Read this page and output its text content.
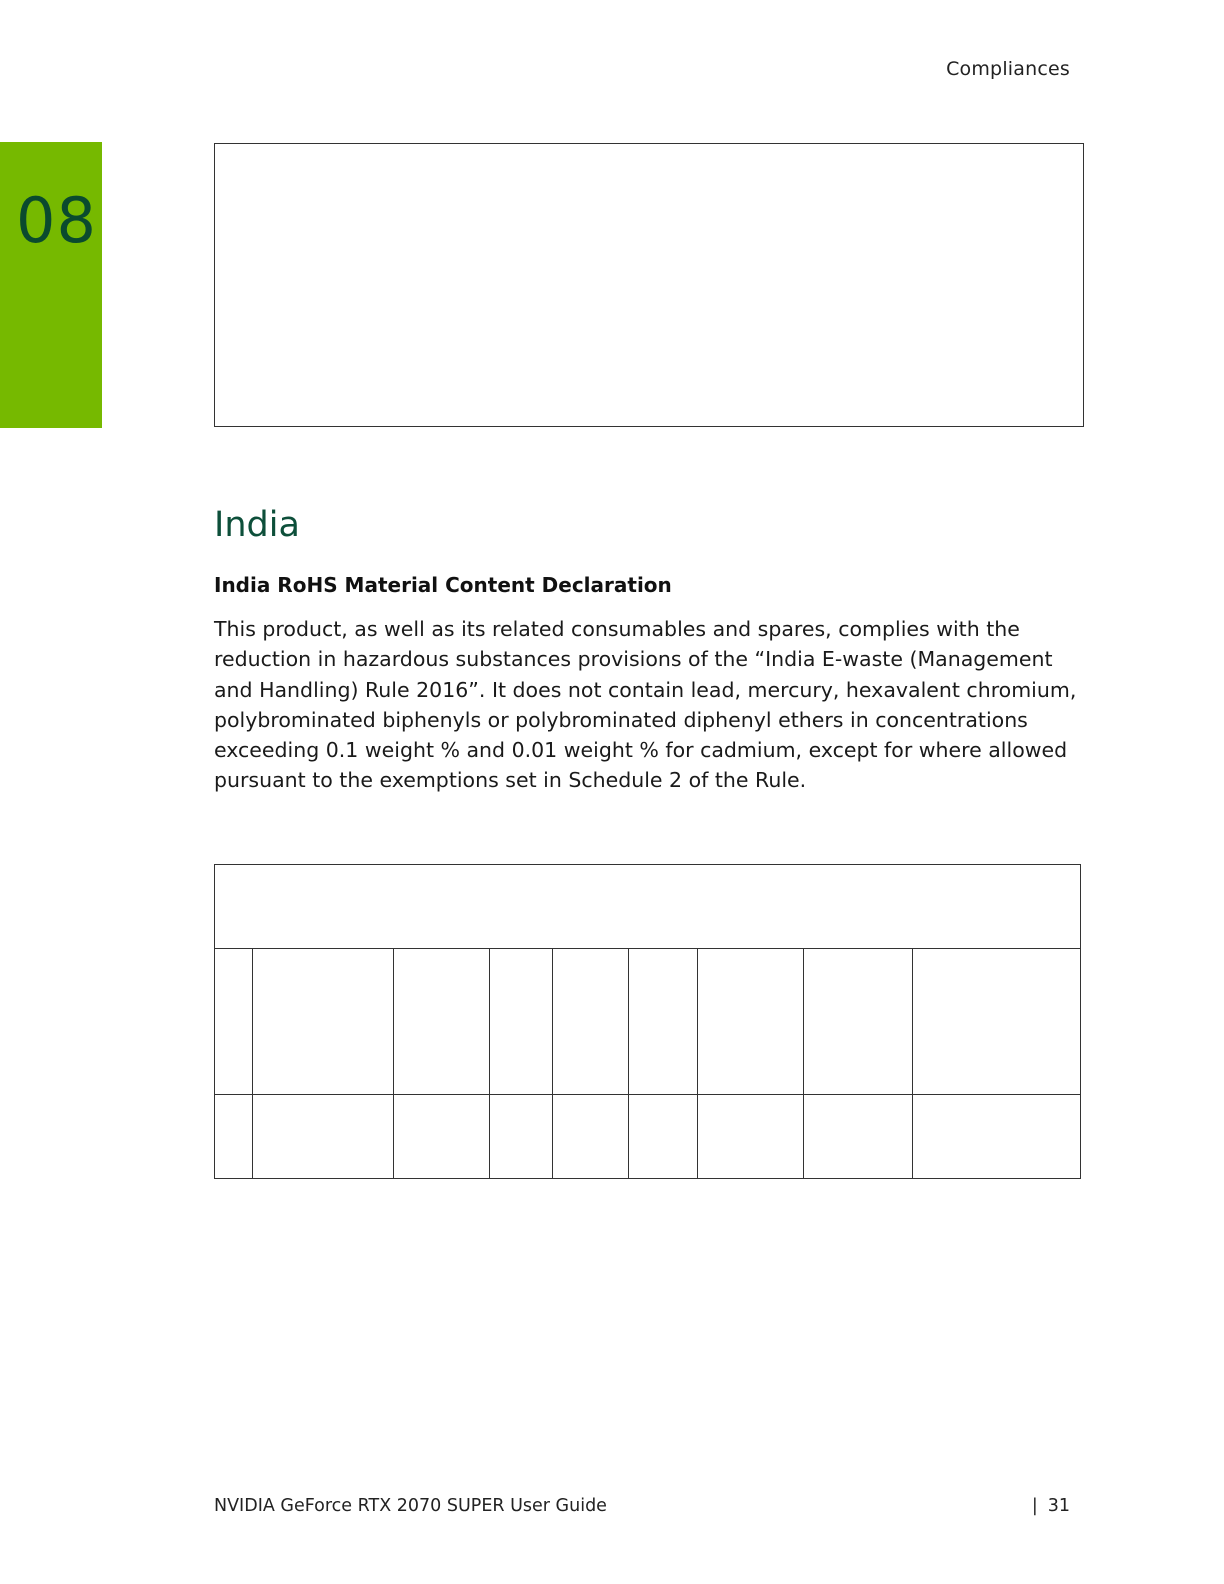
Compliances
08
India
India RoHS Material Content Declaration

This product, as well as its related consumables and spares, complies with the reduction in hazardous substances provisions of the “India E-waste (Management and Handling) Rule 2016”. It does not contain lead, mercury, hexavalent chromium, polybrominated biphenyls or polybrominated diphenyl ethers in concentrations exceeding 0.1 weight % and 0.01 weight % for cadmium, except for where allowed pursuant to the exemptions set in Schedule 2 of the Rule.

NVIDIA GeForce RTX 2070 SUPER User Guide	| 31
